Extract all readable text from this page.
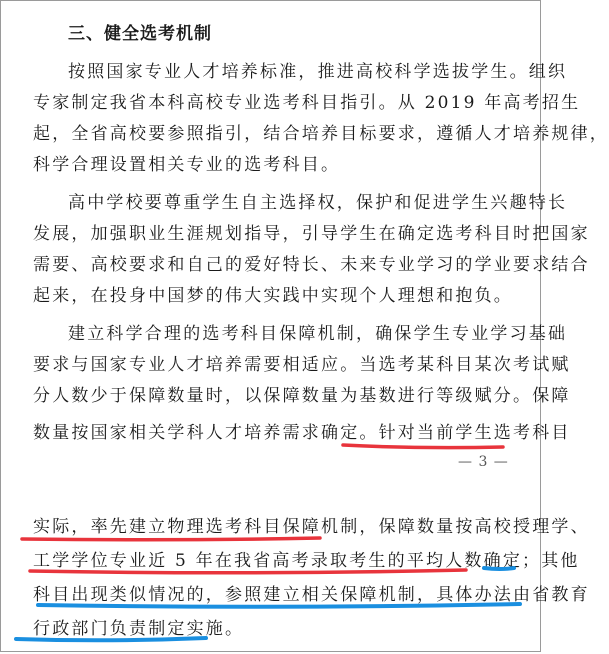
三、健全选考机制
按照国家专业人才培养标准，推进高校科学选拔学生。组织
专家制定我省本科高校专业选考科目指引。从 2019 年高考招生
起，全省高校要参照指引，结合培养目标要求，遵循人才培养规律，
科学合理设置相关专业的选考科目。
高中学校要尊重学生自主选择权，保护和促进学生兴趣特长
发展，加强职业生涯规划指导，引导学生在确定选考科目时把国家
需要、高校要求和自己的爱好特长、未来专业学习的学业要求结合
起来，在投身中国梦的伟大实践中实现个人理想和抱负。
建立科学合理的选考科目保障机制，确保学生专业学习基础
要求与国家专业人才培养需要相适应。当选考某科目某次考试赋
分人数少于保障数量时，以保障数量为基数进行等级赋分。保障
数量按国家相关学科人才培养需求确定。针对当前学生选考科目
— 3 —
实际，率先建立物理选考科目保障机制，保障数量按高校授理学、
工学学位专业近 5 年在我省高考录取考生的平均人数确定；其他
科目出现类似情况的，参照建立相关保障机制，具体办法由省教育
行政部门负责制定实施。
